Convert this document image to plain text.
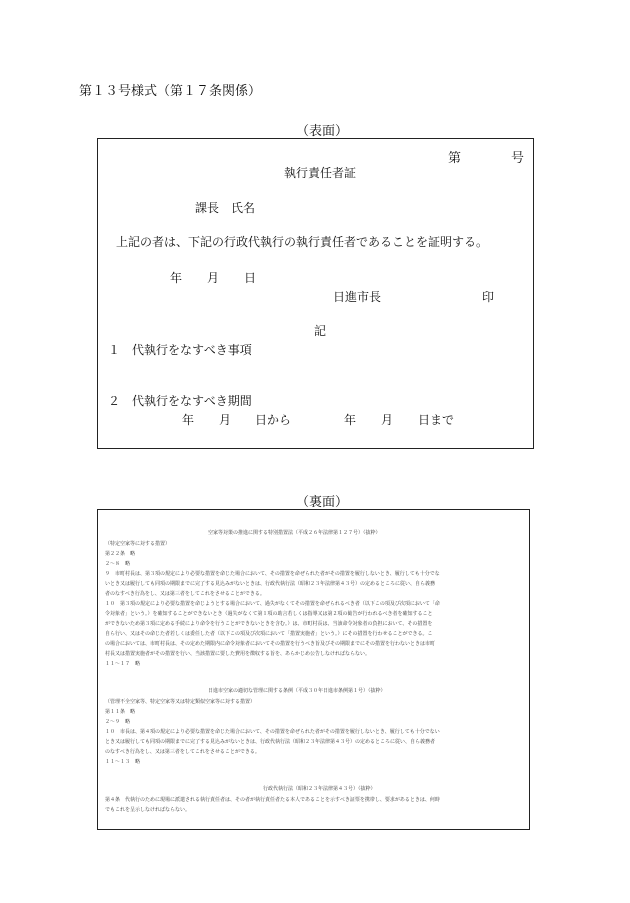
第１３号様式（第１７条関係）
（表面）
第	号
執行責任者証
課長　氏名
上記の者は、下記の行政代執行の執行責任者であることを証明する。
年 月 日
日進市長	印
記
１　代執行をなすべき事項
２　代執行をなすべき期間
年 月 日から	年 月 日まで
（裏面）
空家等対策の推進に関する特別措置法（平成２６年法律第１２７号）（抜粋）
（特定空家等に対する措置）
第２２条　略
２～８　略
９　市町村長は、第３項の規定により必要な措置を命じた場合において、その措置を命ぜられた者がその措置を履行しないとき、履行しても十分でな
いとき又は履行しても同項の期限までに完了する見込みがないときは、行政代執行法（昭和２３年法律第４３号）の定めるところに従い、自ら義務
者のなすべき行為をし、又は第三者をしてこれをさせることができる。
１０　第３項の規定により必要な措置を命じようとする場合において、過失がなくてその措置を命ぜられるべき者（以下この項及び次項において「命
令対象者」という。）を確知することができないとき（過失がなくて第１項の助言若しくは指導又は第２項の勧告が行われるべき者を確知すること
ができないため第３項に定める手続により命令を行うことができないときを含む。）は、市町村長は、当該命令対象者の負担において、その措置を
自ら行い、又はその命じた者若しくは委任した者（以下この項及び次項において「措置実施者」という。）にその措置を行わせることができる。こ
の場合においては、市町村長は、その定めた期限内に命令対象者においてその措置を行うべき旨及びその期限までにその措置を行わないときは市町
村長又は措置実施者がその措置を行い、当該措置に要した費用を徴収する旨を、あらかじめ公告しなければならない。
１１～１７　略
日進市空家の適切な管理に関する条例（平成３０年日進市条例第１号）（抜粋）
（管理不全空家等、特定空家等又は特定類似空家等に対する措置）
第１１条　略
２～９　略
１０　市長は、第４項の規定により必要な措置を命じた場合において、その措置を命ぜられた者がその措置を履行しないとき、履行しても十分でない
とき又は履行しても同項の期限までに完了する見込みがないときは、行政代執行法（昭和２３年法律第４３号）の定めるところに従い、自ら義務者
のなすべき行為をし、又は第三者をしてこれをさせることができる。
１１～１３　略
行政代執行法（昭和２３年法律第４３号）（抜粋）
第４条　代執行のために現場に派遣される執行責任者は、その者が執行責任者たる本人であることを示すべき証票を携帯し、要求があるときは、何時
でもこれを呈示しなければならない。
